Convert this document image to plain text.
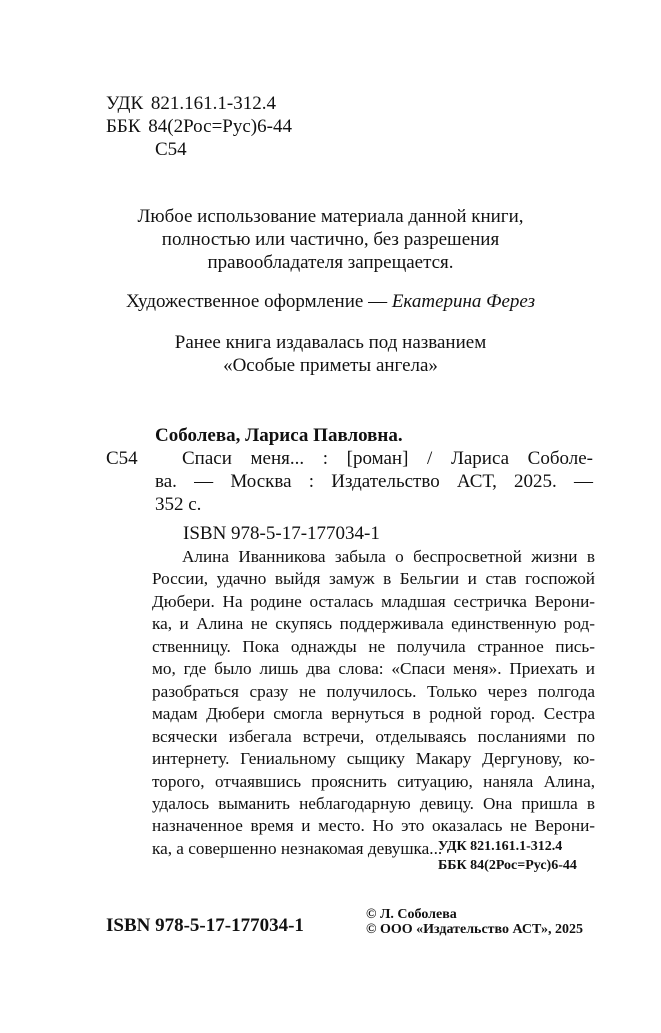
УДК 821.161.1-312.4
ББК 84(2Рос=Рус)6-44
С54
Любое использование материала данной книги,
полностью или частично, без разрешения
правообладателя запрещается.
Художественное оформление — Екатерина Ферез
Ранее книга издавалась под названием
«Особые приметы ангела»
Соболева, Лариса Павловна.
С54	Спаси меня... : [роман] / Лариса Соболе-
ва. — Москва : Издательство АСТ, 2025. —
352 с.
ISBN 978-5-17-177034-1
Алина Иванникова забыла о беспросветной жизни в
России, удачно выйдя замуж в Бельгии и став госпожой
Дюбери. На родине осталась младшая сестричка Верони-
ка, и Алина не скупясь поддерживала единственную род-
ственницу. Пока однажды не получила странное пись-
мо, где было лишь два слова: «Спаси меня». Приехать и
разобраться сразу не получилось. Только через полгода
мадам Дюбери смогла вернуться в родной город. Сестра
всячески избегала встречи, отделываясь посланиями по
интернету. Гениальному сыщику Макару Дергунову, ко-
торого, отчаявшись прояснить ситуацию, наняла Алина,
удалось выманить неблагодарную девицу. Она пришла в
назначенное время и место. Но это оказалась не Верони-
ка, а совершенно незнакомая девушка...
УДК 821.161.1-312.4
ББК 84(2Рос=Рус)6-44
ISBN 978-5-17-177034-1
© Л. Соболева
© ООО «Издательство АСТ», 2025
